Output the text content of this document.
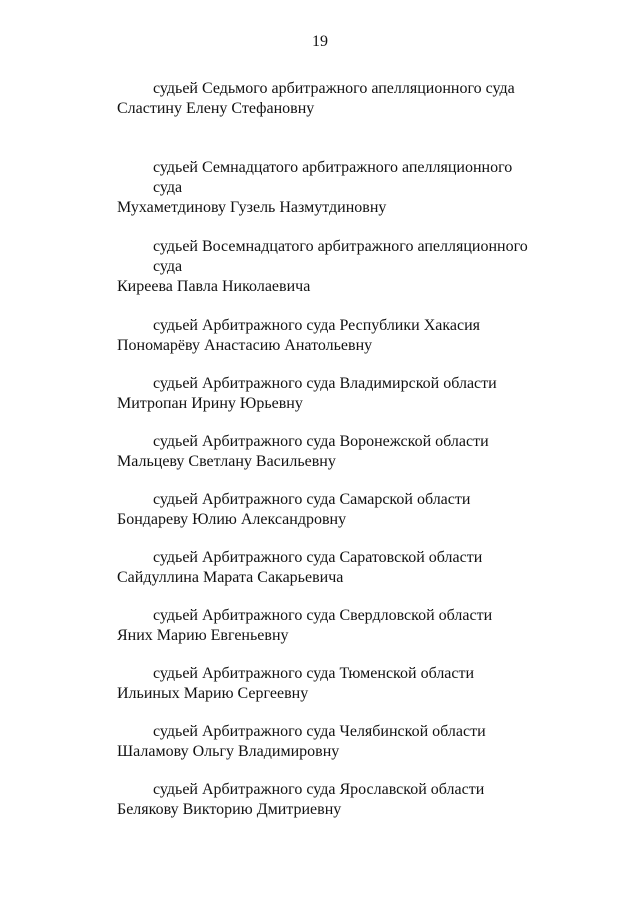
19
судьей Седьмого арбитражного апелляционного суда
Сластину Елену Стефановну
судьей Семнадцатого арбитражного апелляционного суда
Мухаметдинову Гузель Назмутдиновну
судьей Восемнадцатого арбитражного апелляционного суда
Киреева Павла Николаевича
судьей Арбитражного суда Республики Хакасия
Пономарёву Анастасию Анатольевну
судьей Арбитражного суда Владимирской области
Митропан Ирину Юрьевну
судьей Арбитражного суда Воронежской области
Мальцеву Светлану Васильевну
судьей Арбитражного суда Самарской области
Бондареву Юлию Александровну
судьей Арбитражного суда Саратовской области
Сайдуллина Марата Сакарьевича
судьей Арбитражного суда Свердловской области
Яних Марию Евгеньевну
судьей Арбитражного суда Тюменской области
Ильиных Марию Сергеевну
судьей Арбитражного суда Челябинской области
Шаламову Ольгу Владимировну
судьей Арбитражного суда Ярославской области
Белякову Викторию Дмитриевну
